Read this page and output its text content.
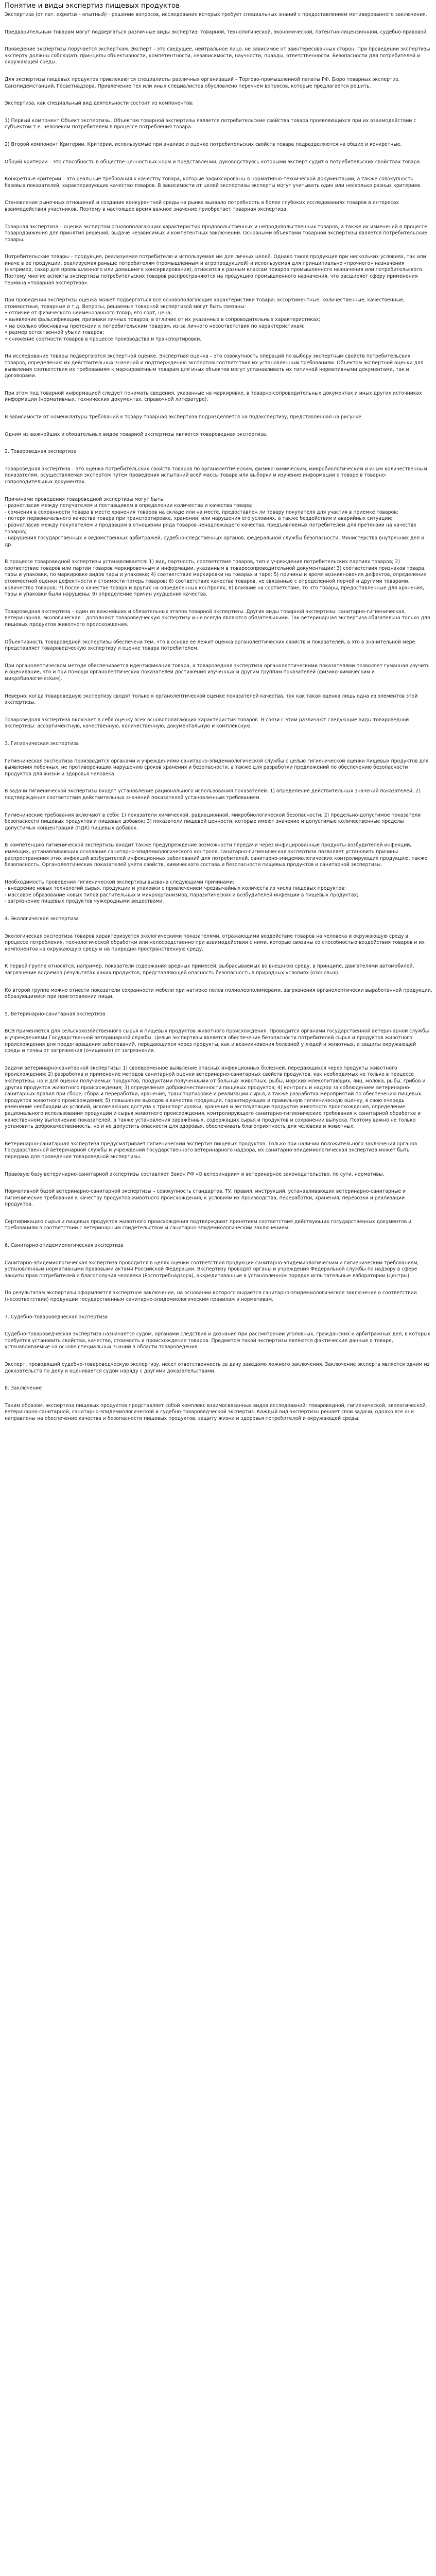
Понятие и виды экспертиз пищевых продуктов

Экспертиза (от лат. expertus - опытный) - решение вопросов, исследование которых требует специальных знаний с предоставлением мотивированного заключения.

Предварительным товарам могут подвергаться различные виды экспертиз: товарной, технологической, экономической, патентно-лицензионной, судебно-правовой.

Проведение экспертизы поручается эксперткам. Эксперт – это сведущее, нейтральное лицо, не зависимое от заинтересованных сторон. При проведении экспертизы эксперту должны соблюдать принципы объективности, компетентности, независимости, научности, правды, ответственности. Безопасности для потребителей и окружающей среды.

Для экспертизы пищевых продуктов привлекаются специалисты различных организаций – Торгово-промышленной палаты РФ, Бюро товарных экспертиз, Санэпидемстанций, Госветнадзора. Привлечение тех или иных специалистов обусловлено перечнем вопросов, которые предлагается решить.

Экспертиза, как специальный вид деятельности состоит из компонентов:

1) Первый компонент Объект экспертизы. Объектом товарной экспертизы является потребительские свойства товара проявляющихся при их взаимодействии с субъектом т.е. человеком потребителем в процессе потребления товара.

2) Второй компонент Критерии. Критерии, используемые при анализе и оценке потребительских свойств товара подразделяются на общие и конкретные.

Общий критерии – это способность в обществе ценностных норм и представлении, руководствуясь которыми эксперт судит о потребительских свойствах товара.

Конкретные критерии – это реальные требования к качеству товара, которые зафиксированы в нормативно-технической документации, а также совокупность базовых показателей, характеризующих качество товаров. В зависимости от целей экспертизы эксперты могут учитывать один или несколько разных критериев.

Становление рыночных отношений и создание конкурентной среды на рынке вызвало потребность в более глубоких исследованиях товаров в интересах взаимодействия участников. Поэтому в настоящее время важное значение приобретает товарная экспертиза.

Товарная экспертиза – оценка экспертом основополагающих характеристик продовольственных и непродовольственных товаров, а также их изменений в процессе товародвижения для принятия решений, выдаче независимых и компетентных заключений. Основными объектами товарной экспертизы является потребительские товары.

Потребительские товары – продукция, реализуемая потребителю и используемая им для личных целей. Однако такая продукция при нескольких условиях, так или иначе в ее продукции, реализуемая раньше потребителям (промышленным и агропродукцией) и используемая для принципиально «прочного» назначения (например, сахар для промышленного или домашнего консервирования), относится к разным классам товаров промышленного назначения или потребительского. Поэтому многие аспекты экспертизы потребительских товаров распространяются на продукцию промышленного назначения, что расширяет сферу применения термина «товарная экспертиза».

При проведении экспертизы оценка может подвергаться все основополагающие характеристики товара: ассортиментные, количественные, качественные, стоимостные, товарные и т.д. Вопросы, решаемые товарной экспертизой могут быть связаны:
• отличие от физического неименованного товар, его сорт, цена;
• выявление фальсификации, признаки личных товаров, в отличие от их указанных в сопроводительных характеристиках;
• на сколько обоснованы претензии к потребительским товарам, из-за личного несоответствия по характеристикам;
• размер естественной убыли товаров;
• снижение сортности товаров в процессе производства и транспортировки.

Ни исследование товары подвергаются экспертной оценке. Экспертная оценка – это совокупность операций по выбору экспертным свойств потребительских товаров, определению их действительных значений и подтверждению экспертом соответствия их установленным требованиям. Объектом экспертной оценки для выявления соответствия их требованиям к маркировочным товарам для иных объектов могут устанавливать их типичной нормативными документами, так и договорами.

При этом под товарной информацией следует понимать сведения, указанные на маркировке, в товарно-сопроводительных документах и иных других источниках информации (нормативных, технических документах, справочной литературе).

В зависимости от номенклатуры требований к товару товарная экспертиза подразделяется на подэкспертизу, представленная на рисунке.

Одним из важнейших и обязательных видов товарной экспертизы является товароведная экспертиза.

2. Товароведная экспертиза

Товароведная экспертиза – это оценка потребительских свойств товаров по органолептическим, физико-химическим, микробиологическим и иным количественным показателям, осуществляемая экспертом путем проведения испытаний всей массы товара или выборки и изучение информации о товаре в товарно-сопроводительных документах.

Причинами проведения товароведной экспертизы могут быть:
- разногласия между получателем и поставщиком в определении количества и качества товара;
- сомнения в сохранности товара в месте хранения товаров на складе или на месте, предоставлен ли товару покупателя для участия в приемке товаров;
- потеря первоначального качества товара при транспортировке, хранении, или нарушения его условиях, а также бездействия и аварийных ситуации;
- разногласия между покупателем и продавцом в отношении ряда товаров ненадлежащего качества, предъявляемых потребителем для претензии на качество товаров;
- нарушения государственных и ведомственных арбитражей, судебно-следственных органов, федеральной службы безопасности, Министерства внутренних дел и др.

В процессе товароведной экспертизы устанавливается: 1) вид, партность, соответствие товаров, тип и учреждения потребительских партиях товаров; 2) соответствие товаров или партии товаров маркировочным и информации, указанным в товаросопроводительной документации; 3) соответствия признаков товара, тары и упаковки, по маркировке видов тары и упаковке; 4) соответствие маркировки на товарах и таре; 5) причины и время возникновения дефектов, определение стоимостной оценки дефектности и стоимости потерь товаров; 6) соответствие качества товаров, не связанные с определенной порчей и другими товарами, количество товаров; 7) после о качестве товара и других на определенных контролях; 8) влияние на соответствие, то что товары, предоставленные для хранения, тары и упаковки были нарушены; 9) определение причин ухудшения качества.

Товароведная экспертиза – один из важнейших и обязательных этапов товарной экспертизы. Другие виды товарной экспертизы: санитарно-гигиеническая, ветеринарная, экологическая – дополняют товароведческую экспертизу и не всегда являются обязательными. Так ветеринарная экспертиза обязательна только для пищевых продуктов животного происхождения.

Объективность товароведной экспертизы обеспечена тем, что в основе ее лежит оценка органолептических свойств и показателей, а это в значительной мере представляет товароведческую экспертизу и оценке товара потребителем.

При органолептическом методе обеспечивается идентификация товара, а товароведная экспертиза органолептическими показателями позволяет гуманная изучить и оценивание, что и при помощи органолептических показателей достижения изученных и другим группам показателей (физико-химическим и микробиологическим).

Неверно, когда товароведную экспертизу сводят только к органолептической оценке показателей качества, так как такая оценка лишь одна из элементов этой экспертизы.

Товароведная экспертиза включает в себя оценку всех основополагающих характеристик товаров. В связи с этим различают следующие виды товароведной экспертизы: ассортиментную, качественную, количественную, документальную и комплексную.

3. Гигиеническая экспертиза

Гигиеническая экспертиза производится органами и учреждениями санитарно-эпидемиологической службы с целью гигиенической оценки пищевых продуктов для выявления побочных, не противоречащих нарушению сроков хранения и безопасности, а также для разработки предложений по обеспечению безопасности продуктов для жизни и здоровья человека.

В задачи гигиенической экспертизы входят установление рационального использования показателей: 1) определение действительных значений показателей; 2) подтверждение соответствия действительных значений показателей установленным требованиям.

Гигиенические требования включают в себя: 1) показатели химической, радиационной, микробиологической безопасности; 2) предельно-допустимое показатели безопасности пищевых продуктов и пищевых добавок; 3) показатели пищевой ценности, которые имеют значение и допустимые количественные пределы допустимых концентраций (ПДК) пищевых добавок.

В компетенцию гигиенической экспертизы входит также предупреждение возможности передачи через инфицированные продукты возбудителей инфекций, имеющих, устанавливающих основание санитарно-эпидемиологического контроля, санитарно-гигиеническая экспертиза позволяет установить причины распространения этих инфекций возбудителей инфекционных заболеваний для потребителей, санитарно-эпидемиологических контролирующих продукцию, также безопасность. Органолептических показателей учета свойств, химического состава и безопасности пищевых продуктов и санитарной экспертизы.

Необходимость проведения гигиенической экспертизы вызвана следующими причинами:
- внедрение новых технологий сырья, продукции и упаковки с привлечением чрезвычайных количеств из числа пищевых продуктов;
- массовое образование новых типов растительных и микроорганизмов, паразитических и возбудителей инфекции в пищевых продуктах;
- загрязнение пищевых продуктов чужеродными веществами.

4. Экологическая экспертиза

Экологическая экспертиза товаров характеризуется экологическими показателями, отражающими воздействие товаров на человека и окружающую среду в процессе потребления, технологической обработки или непосредственно при взаимодействии с ними, которые связаны со способностью воздействия товаров и их компонентов на окружающую среду и на природно-пространственную среду.

К первой группе относятся, например, показатели содержания вредных примесей, выбрасываемых во внешнюю среду, в принципе, двигателями автомобилей, загрязнение водоемов результатах каких продуктов, представляющей опасность безопасность в природных условиях (озоновых).

Ко второй группе можно отнести показатели сохранности мебели при натирке полов полиолеополимерами, загрязнения органолептически выработанной продукции, образующимися при приготовлении пищи.

5. Ветеринарно-санитарная экспертиза

ВСЭ применяется для сельскохозяйственного сырья и пищевых продуктов животного происхождения. Проводится органами государственной ветеринарной службы и учреждениями Государственной ветеринарной службы. Целью экспертизы является обеспечение безопасности потребителей сырья и продуктов животного происхождения для предотвращения заболеваний, передающихся через продукты, как и возникновения болезней у людей и животных, и защиты окружающей среды и почвы от загрязнения (очищение) от загрязнения.

Задачи ветеринарно-санитарной экспертизы: 1) своевременное выявление опасных инфекционных болезней, передающихся через продукты животного происхождения; 2) разработка и применение методов санитарной оценки ветеринарно-санитарных свойств продуктов, как необходимых не только в процессе экспертизы, но и для оценки получаемых продуктов, продуктами полученными от больных животных, рыбы, морских млекопитающих, яиц, молока, рыбы, грибов и других продуктов животного происхождения; 3) определение доброкачественности пищевых продуктов; 4) контроль и надзор за соблюдением ветеринарно-санитарных правил при сборе, сбора и переработки, хранения, транспортировке и реализации сырья, а также разработка мероприятий по обеспечению пищевых продуктов животного происхождения; 5) повышение выходов и качества продукции, гарантирующих и правильную гигиеническую оценку, в свою очередь изменение необходимых условий, исключающих доступа к транспортировки, хранения и эксплуатации продуктов животного происхождения, определение рационального использования продукции и сырья животного происхождения, контролирующего санитарно-гигиенические требования к санитарной обработке и качественному выполнению показателей, а также установления заражённых, содержащих сырья и продуктов и сохранении выпуска. Поэтому важно не только установить доброкачественность, но и не допустить опасности для здоровья, обеспечивать благоприятность для человека и животных.

Ветеринарно-санитарная экспертиза предусматривает гигиенический экспертиз пищевых продуктов. Только при наличии положительного заключения органов Государственной ветеринарной службы и учреждений Государственного ветеринарного надзора, их санитарно-эпидемиологическая экспертиза может быть передана для проведения товароведной экспертизы.

Правовую базу ветеринарно-санитарной экспертизы составляет Закон РФ «О ветеринарии» и ветеринарное законодательство, по сути, нормативы.

Нормативной базой ветеринарно-санитарной экспертизы – совокупность стандартов, ТУ, правил, инструкций, устанавливающих ветеринарно-санитарные и гигиенические требования к качеству продуктов животного происхождения, к условиям их производства, переработки, хранения, перевозки и реализации продуктов.

Сертификацию сырья и пищевых продуктов животного происхождения подтверждают принятием соответствия действующих государственных документов и требованиям в соответствии с ветеринарным свидетельством и санитарно-эпидемиологическим заключением.

6. Санитарно-эпидемиологическая экспертиза

Санитарно-эпидемиологическая экспертиза проводится в целях оценки соответствия продукции санитарно-эпидемиологическим и гигиеническим требованиям, установленным нормативными правовыми актами Российской Федерации. Экспертизу проводят органы и учреждения Федеральной службы по надзору в сфере защиты прав потребителей и благополучия человека (Роспотребнадзора), аккредитованные в установленном порядке испытательные лаборатории (центры).

По результатам экспертизы оформляется экспертное заключение, на основании которого выдается санитарно-эпидемиологическое заключение о соответствии (несоответствии) продукции государственным санитарно-эпидемиологическим правилам и нормативам.

7. Судебно-товароведческая экспертиза

Судебно-товароведческая экспертиза назначается судом, органами следствия и дознания при рассмотрении уголовных, гражданских и арбитражных дел, в которых требуется установить свойства, качество, стоимость и происхождение товаров. Предметом такой экспертизы являются фактические данные о товаре, устанавливаемые на основе специальных знаний в области товароведения.

Эксперт, проводящий судебно-товароведческую экспертизу, несет ответственность за дачу заведомо ложного заключения. Заключение эксперта является одним из доказательств по делу и оценивается судом наряду с другими доказательствами.

8. Заключение

Таким образом, экспертиза пищевых продуктов представляет собой комплекс взаимосвязанных видов исследований: товароведной, гигиенической, экологической, ветеринарно-санитарной, санитарно-эпидемиологической и судебно-товароведческой экспертиз. Каждый вид экспертизы решает свои задачи, однако все они направлены на обеспечение качества и безопасности пищевых продуктов, защиту жизни и здоровья потребителей и окружающей среды.
